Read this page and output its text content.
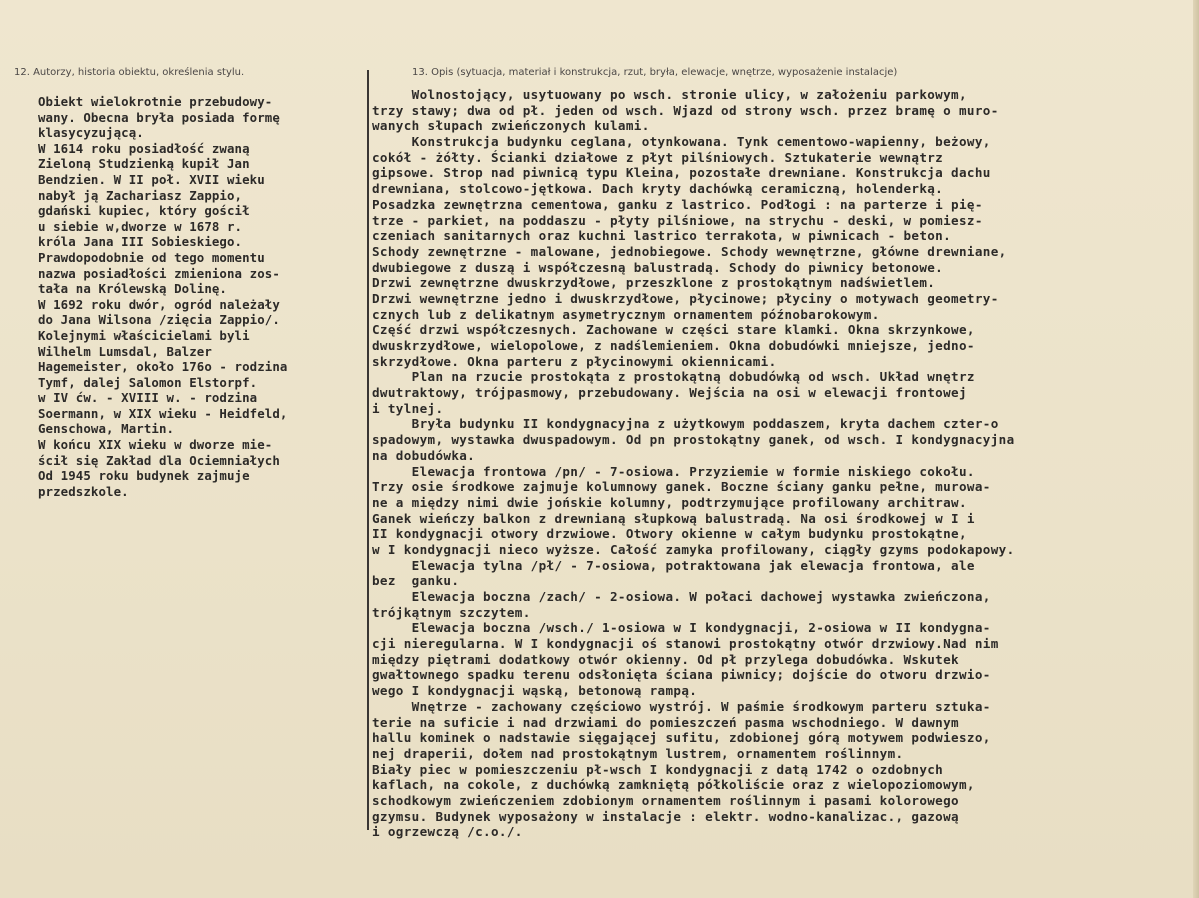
12. Autorzy, historia obiektu, określenia stylu.	13. Opis (sytuacja, materiał i konstrukcja, rzut, bryła, elewacje, wnętrze, wyposażenie instalacje)
Obiekt wielokrotnie przebudowy-
wany. Obecna bryła posiada formę
klasycyzującą.
W 1614 roku posiadłość zwaną
Zieloną Studzienką kupił Jan
Bendzien. W II poł. XVII wieku
nabył ją Zachariasz Zappio,
gdański kupiec, który gościł
u siebie w,dworze w 1678 r.
króla Jana III Sobieskiego.
Prawdopodobnie od tego momentu
nazwa posiadłości zmieniona zos-
tała na Królewską Dolinę.
W 1692 roku dwór, ogród należały
do Jana Wilsona /zięcia Zappio/.
Kolejnymi właścicielami byli
Wilhelm Lumsdal, Balzer
Hagemeister, około 176o - rodzina
Tymf, dalej Salomon Elstorpf.
w IV ćw. - XVIII w. - rodzina
Soermann, w XIX wieku - Heidfeld,
Genschowa, Martin.
W końcu XIX wieku w dworze mie-
ścił się Zakład dla Ociemniałych
Od 1945 roku budynek zajmuje
przedszkole.
Wolnostojący, usytuowany po wsch. stronie ulicy, w założeniu parkowym,
trzy stawy; dwa od pł. jeden od wsch. Wjazd od strony wsch. przez bramę o muro-
wanych słupach zwieńczonych kulami.
Konstrukcja budynku ceglana, otynkowana. Tynk cementowo-wapienny, beżowy,
cokół - żółty. Ścianki działowe z płyt pilśniowych. Sztukaterie wewnątrz
gipsowe. Strop nad piwnicą typu Kleina, pozostałe drewniane. Konstrukcja dachu
drewniana, stolcowo-jętkowa. Dach kryty dachówką ceramiczną, holenderką.
Posadzka zewnętrzna cementowa, ganku z lastrico. Podłogi : na parterze i pię-
trze - parkiet, na poddaszu - płyty pilśniowe, na strychu - deski, w pomiesz-
czeniach sanitarnych oraz kuchni lastrico terrakota, w piwnicach - beton.
Schody zewnętrzne - malowane, jednobiegowe. Schody wewnętrzne, główne drewniane,
dwubiegowe z duszą i współczesną balustradą. Schody do piwnicy betonowe.
Drzwi zewnętrzne dwuskrzydłowe, przeszklone z prostokątnym nadświetlem.
Drzwi wewnętrzne jedno i dwuskrzydłowe, płycinowe; płyciny o motywach geometry-
cznych lub z delikatnym asymetrycznym ornamentem późnobarokowym.
Część drzwi współczesnych. Zachowane w części stare klamki. Okna skrzynkowe,
dwuskrzydłowe, wielopolowe, z nadślemieniem. Okna dobudówki mniejsze, jedno-
skrzydłowe. Okna parteru z płycinowymi okiennicami.
Plan na rzucie prostokąta z prostokątną dobudówką od wsch. Układ wnętrz
dwutraktowy, trójpasmowy, przebudowany. Wejścia na osi w elewacji frontowej
i tylnej.
Bryła budynku II kondygnacyjna z użytkowym poddaszem, kryta dachem czter-o
spadowym, wystawka dwuspadowym. Od pn prostokątny ganek, od wsch. I kondygnacyjna
na dobudówka.
Elewacja frontowa /pn/ - 7-osiowa. Przyziemie w formie niskiego cokołu.
Trzy osie środkowe zajmuje kolumnowy ganek. Boczne ściany ganku pełne, murowa-
ne a między nimi dwie jońskie kolumny, podtrzymujące profilowany architraw.
Ganek wieńczy balkon z drewnianą słupkową balustradą. Na osi środkowej w I i
II kondygnacji otwory drzwiowe. Otwory okienne w całym budynku prostokątne,
w I kondygnacji nieco wyższe. Całość zamyka profilowany, ciągły gzyms podokapowy.
Elewacja tylna /pł/ - 7-osiowa, potraktowana jak elewacja frontowa, ale
bez  ganku.
Elewacja boczna /zach/ - 2-osiowa. W połaci dachowej wystawka zwieńczona,
trójkątnym szczytem.
Elewacja boczna /wsch./ 1-osiowa w I kondygnacji, 2-osiowa w II kondygna-
cji nieregularna. W I kondygnacji oś stanowi prostokątny otwór drzwiowy.Nad nim
między piętrami dodatkowy otwór okienny. Od pł przylega dobudówka. Wskutek
gwałtownego spadku terenu odsłonięta ściana piwnicy; dojście do otworu drzwio-
wego I kondygnacji wąską, betonową rampą.
Wnętrze - zachowany częściowo wystrój. W paśmie środkowym parteru sztuka-
terie na suficie i nad drzwiami do pomieszczeń pasma wschodniego. W dawnym
hallu kominek o nadstawie sięgającej sufitu, zdobionej górą motywem podwieszo,
nej draperii, dołem nad prostokątnym lustrem, ornamentem roślinnym.
Biały piec w pomieszczeniu pł-wsch I kondygnacji z datą 1742 o ozdobnych
kaflach, na cokole, z duchówką zamkniętą półkoliście oraz z wielopoziomowym,
schodkowym zwieńczeniem zdobionym ornamentem roślinnym i pasami kolorowego
gzymsu. Budynek wyposażony w instalacje : elektr. wodno-kanalizac., gazową
i ogrzewczą /c.o./.
